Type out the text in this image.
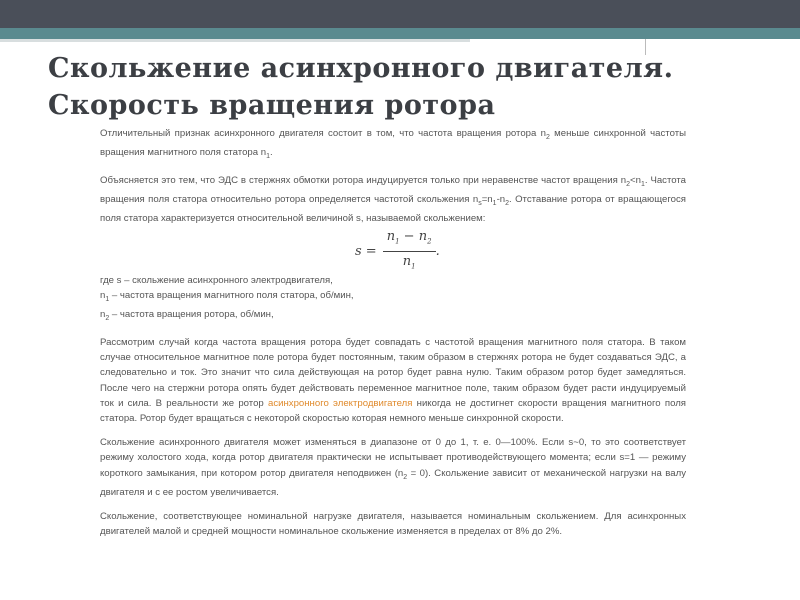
Скольжение асинхронного двигателя.
Скорость вращения ротора

Отличительный признак асинхронного двигателя состоит в том, что частота вращения ротора $n_2$ меньше синхронной частоты вращения магнитного поля статора $n_1$.

Объясняется это тем, что ЭДС в стержнях обмотки ротора индуцируется только при неравенстве частот вращения $n_2<n_1$. Частота вращения поля статора относительно ротора определяется частотой скольжения $n_s=n_1-n_2$. Отставание ротора от вращающегося поля статора характеризуется относительной величиной s, называемой скольжением:

$s = \frac{n_1 - n_2}{n_1}$ .

где s – скольжение асинхронного электродвигателя,

$n_1$ – частота вращения магнитного поля статора, об/мин,

$n_2$ – частота вращения ротора, об/мин,

Рассмотрим случай когда частота вращения ротора будет совпадать с частотой вращения магнитного поля статора. В таком случае относительное магнитное поле ротора будет постоянным, таким образом в стержнях ротора не будет создаваться ЭДС, а следовательно и ток. Это значит что сила действующая на ротор будет равна нулю. Таким образом ротор будет замедляться. После чего на стержни ротора опять будет действовать переменное магнитное поле, таким образом будет расти индуцируемый ток и сила. В реальности же ротор асинхронного электродвигателя никогда не достигнет скорости вращения магнитного поля статора. Ротор будет вращаться с некоторой скоростью которая немного меньше синхронной скорости.

Скольжение асинхронного двигателя может изменяться в диапазоне от 0 до 1, т. е. 0—100%. Если s~0, то это соответствует режиму холостого хода, когда ротор двигателя практически не испытывает противодействующего момента; если s=1 — режиму короткого замыкания, при котором ротор двигателя неподвижен $(n_2 = 0)$. Скольжение зависит от механической нагрузки на валу двигателя и с ее ростом увеличивается.

Скольжение, соответствующее номинальной нагрузке двигателя, называется номинальным скольжением. Для асинхронных двигателей малой и средней мощности номинальное скольжение изменяется в пределах от 8% до 2%.
